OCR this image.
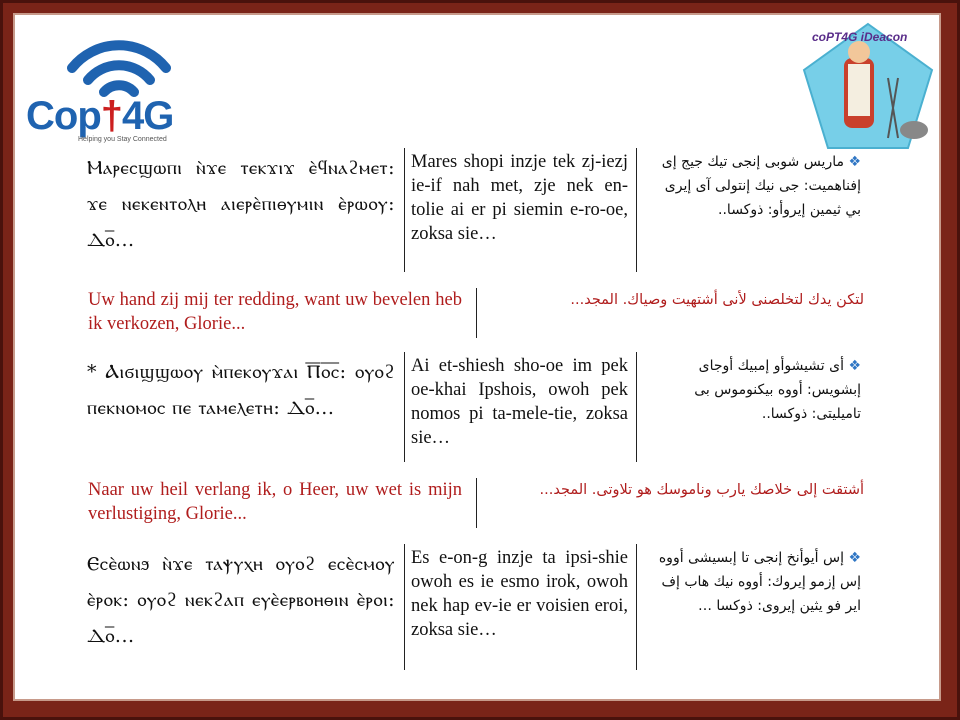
Cop†4G
Helping you Stay Connected
coPT4G iDeacon
Ⲙⲁⲣⲉⲥϣⲱⲡⲓ ⲛ̀ϫⲉ ⲧⲉⲕϫⲓϫ ⲉ̀ϥⲛⲁϩⲙⲉⲧ: ϫⲉ ⲛⲉⲕⲉⲛⲧⲟⲗⲏ ⲁⲓⲉⲣⲉ̀ⲡⲓⲑⲩⲙⲓⲛ ⲉ̀ⲣⲱⲟⲩ: Ⲇⲟ̅...
Mares shopi inzje tek zj-iezj ie-if nah met, zje nek en-tolie ai er pi siemin e-ro-oe, zoksa sie…
❖ ماريس شوبى إنجى تيك جيج إى إفناهميت: جى نيك إنتولى آى إيرى بي ثيمين إيروأو: ذوكسا..
Uw hand zij mij ter redding, want uw bevelen heb ik verkozen, Glorie...
لتكن يدك لتخلصنى لأنى أشتهيت وصياك. المجد...
* Ⲁⲓϭⲓϣϣⲱⲟⲩ ⲙ̀ⲡⲉⲕⲟⲩϫⲁⲓ Ⲡ̅ⲟ̅ⲥ̅: ⲟⲩⲟϩ ⲡⲉⲕⲛⲟⲙⲟⲥ ⲡⲉ ⲧⲁⲙⲉⲗⲉⲧⲏ: Ⲇⲟ̅...
Ai et-shiesh sho-oe im pek oe-khai Ipshois, owoh pek nomos pi ta-mele-tie, zoksa sie…
❖ أى تشيشوأو إمبيك أوجاى إبشويس: أووه بيكنوموس بى تاميليتى: ذوكسا..
Naar uw heil verlang ik, o Heer, uw wet is mijn verlustiging, Glorie...
أشتقت إلى خلاصك يارب وناموسك هو تلاوتى. المجد...
Ⲉⲥⲉ̀ⲱⲛϧ ⲛ̀ϫⲉ ⲧⲁⲯⲩⲭⲏ ⲟⲩⲟϩ ⲉⲥⲉ̀ⲥⲙⲟⲩ ⲉ̀ⲣⲟⲕ: ⲟⲩⲟϩ ⲛⲉⲕϩⲁⲡ ⲉⲩⲉ̀ⲉⲣⲃⲟⲏⲑⲓⲛ ⲉ̀ⲣⲟⲓ: Ⲇⲟ̅...
Es e-on-g inzje ta ipsi-shie owoh es ie esmo irok, owoh nek hap ev-ie er voisien eroi, zoksa sie…
❖ إس أيوأنخ إنجى تا إبسيشى أووه إس إزمو إيروك: أووه نيك هاب إف اير فو يثين إيروى: ذوكسا …
